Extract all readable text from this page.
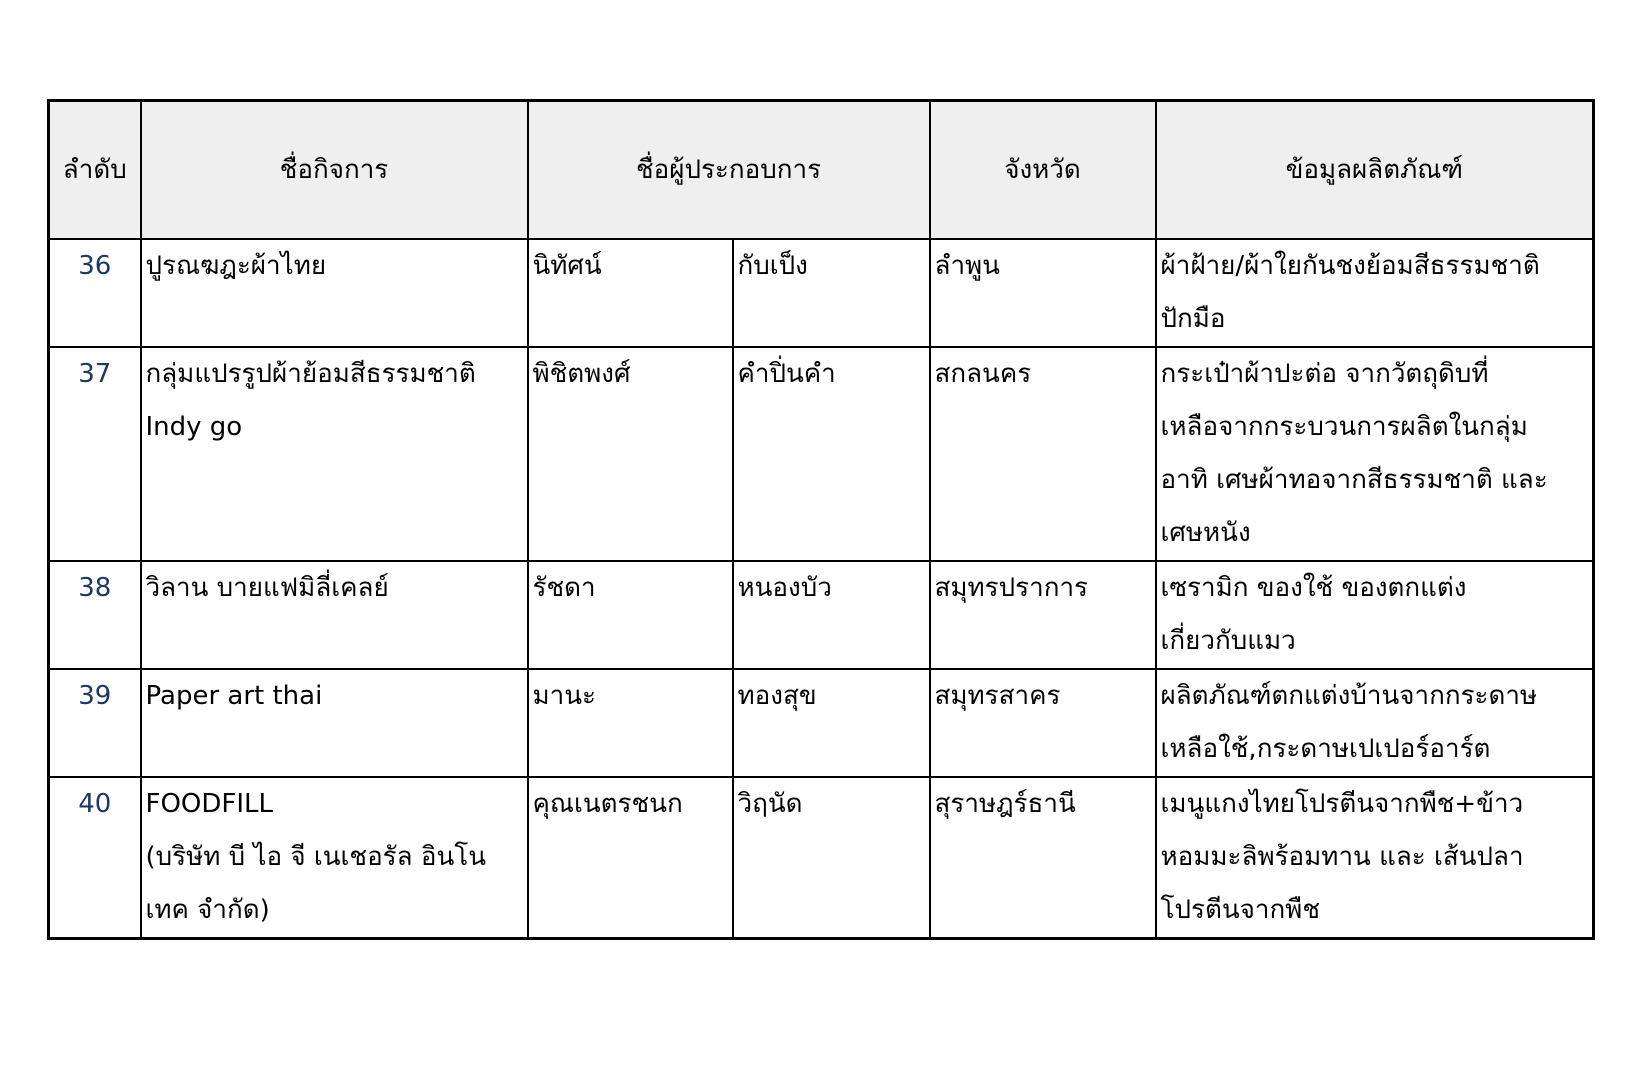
ลำดับ	ชื่อกิจการ	ชื่อผู้ประกอบการ		จังหวัด	ข้อมูลผลิตภัณฑ์
36	ปูรณฆฎะผ้าไทย	นิทัศน์	กับเป็ง	ลำพูน	ผ้าฝ้าย/ผ้าใยกันชงย้อมสีธรรมชาติ
ปักมือ
37	กลุ่มแปรรูปผ้าย้อมสีธรรมชาติ
Indy go	พิชิตพงศ์	คำปิ่นคำ	สกลนคร	กระเป๋าผ้าปะต่อ จากวัตถุดิบที่
เหลือจากกระบวนการผลิตในกลุ่ม
อาทิ เศษผ้าทอจากสีธรรมชาติ และ
เศษหนัง
38	วิลาน บายแฟมิลี่เคลย์	รัชดา	หนองบัว	สมุทรปราการ	เซรามิก ของใช้ ของตกแต่ง
เกี่ยวกับแมว
39	Paper art thai	มานะ	ทองสุข	สมุทรสาคร	ผลิตภัณฑ์ตกแต่งบ้านจากกระดาษ
เหลือใช้,กระดาษเปเปอร์อาร์ต
40	FOODFILL
(บริษัท บี ไอ จี เนเชอรัล อินโน
เทค จำกัด)	คุณเนตรชนก	วิฤนัด	สุราษฎร์ธานี	เมนูแกงไทยโปรตีนจากพืช+ข้าว
หอมมะลิพร้อมทาน และ เส้นปลา
โปรตีนจากพืช
